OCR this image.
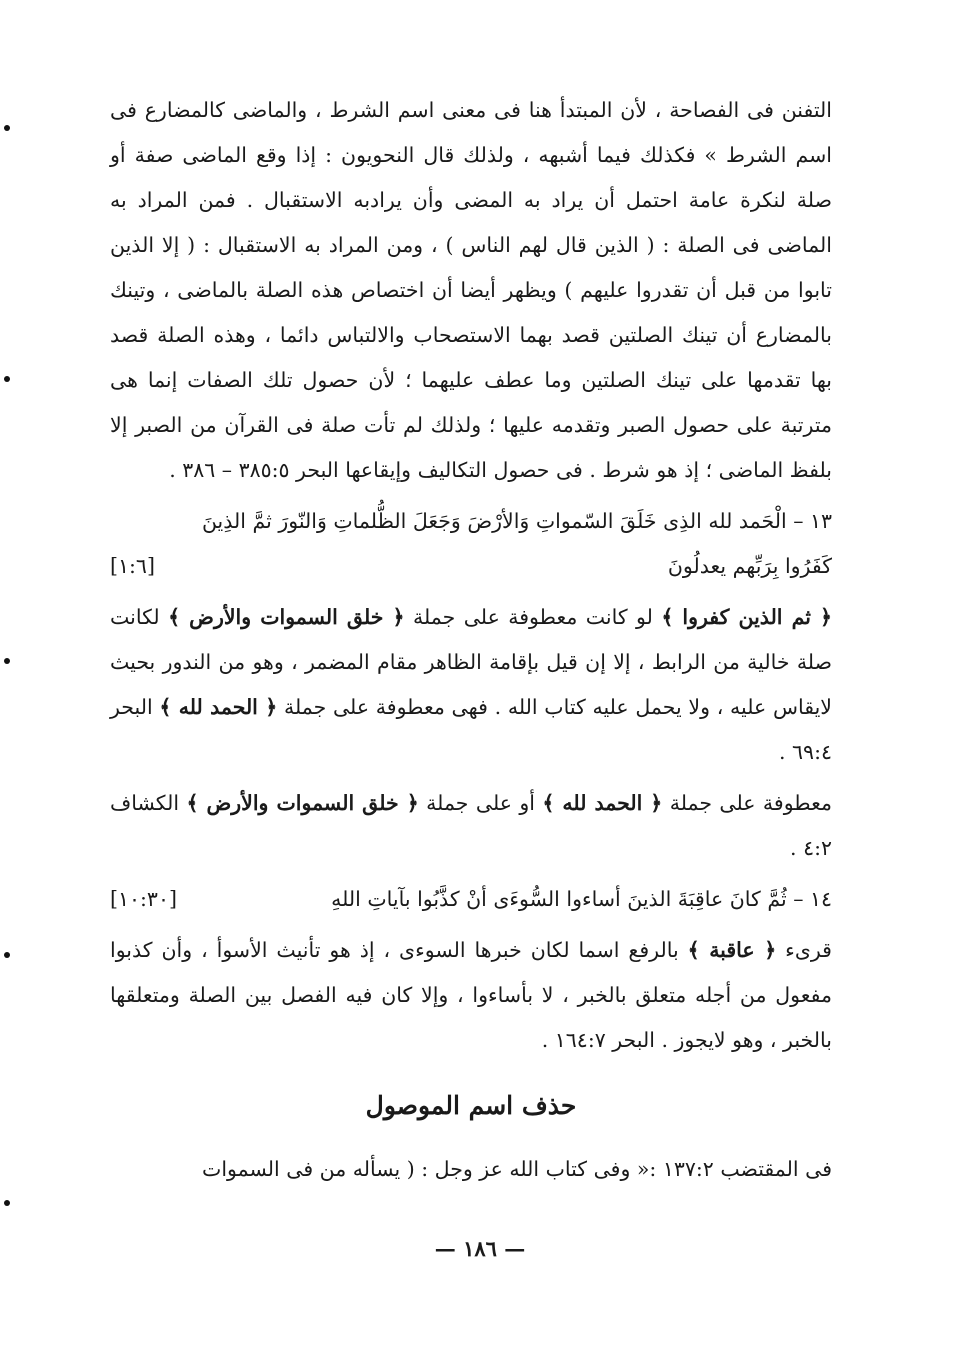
التفنن فى الفصاحة ، لأن المبتدأ هنا فى معنى اسم الشرط ، والماضى كالمضارع فى اسم الشرط » فكذلك فيما أشبهه ، ولذلك قال النحويون : إذا وقع الماضى صفة أو صلة لنكرة عامة احتمل أن يراد به المضى وأن يرادبه الاستقبال . فمن المراد به الماضى فى الصلة : ( الذين قال لهم الناس ) ، ومن المراد به الاستقبال : ( إلا الذين تابوا من قبل أن تقدروا عليهم ) ويظهر أيضا أن اختصاص هذه الصلة بالماضى ، وتينك بالمضارع أن تينك الصلتين قصد بهما الاستصحاب والالتباس دائما ، وهذه الصلة قصد بها تقدمها على تينك الصلتين وما عطف عليهما ؛ لأن حصول تلك الصفات إنما هى مترتبة على حصول الصبر وتقدمه عليها ؛ ولذلك لم تأت صلة فى القرآن من الصبر إلا بلفظ الماضى ؛ إذ هو شرط . فى حصول التكاليف وإيقاعها البحر ٣٨٥:٥ – ٣٨٦ .

١٣ – الْحَمد لله الذِى خَلَقَ السّمواتِ وَالأرْضَ وَجَعَلَ الظُّلماتِ وَالنّورَ ثمَّ الذِينَ
كَفَرُوا بِرَبِّهم يعدلُونَ
[١:٦]

﴿ ثم الذين كفروا ﴾ لو كانت معطوفة على جملة ﴿ خلق السموات والأرض ﴾ لكانت صلة خالية من الرابط ، إلا إن قيل بإقامة الظاهر مقام المضمر ، وهو من الندور بحيث لايقاس عليه ، ولا يحمل عليه كتاب الله . فهى معطوفة على جملة ﴿ الحمد لله ﴾ البحر ٦٩:٤ .

معطوفة على جملة ﴿ الحمد لله ﴾ أو على جملة ﴿ خلق السموات والأرض ﴾ الكشاف ٤:٢ .

١٤ – ثُمَّ كانَ عاقِبَةَ الذينَ أساءوا السُّوءَى أنْ كذَّبُوا بآياتِ اللهِ
[١٠:٣٠]

قرىء ﴿ عاقبة ﴾ بالرفع اسما لكان خبرها السوءى ، إذ هو تأنيث الأسوأ ، وأن كذبوا مفعول من أجله متعلق بالخبر ، لا بأساءوا ، وإلا كان فيه الفصل بين الصلة ومتعلقها بالخبر ، وهو لايجوز . البحر ١٦٤:٧ .

حذف اسم الموصول

فى المقتضب ١٣٧:٢ :« وفى كتاب الله عز وجل : ( يسأله من فى السموات

— ١٨٦ —
